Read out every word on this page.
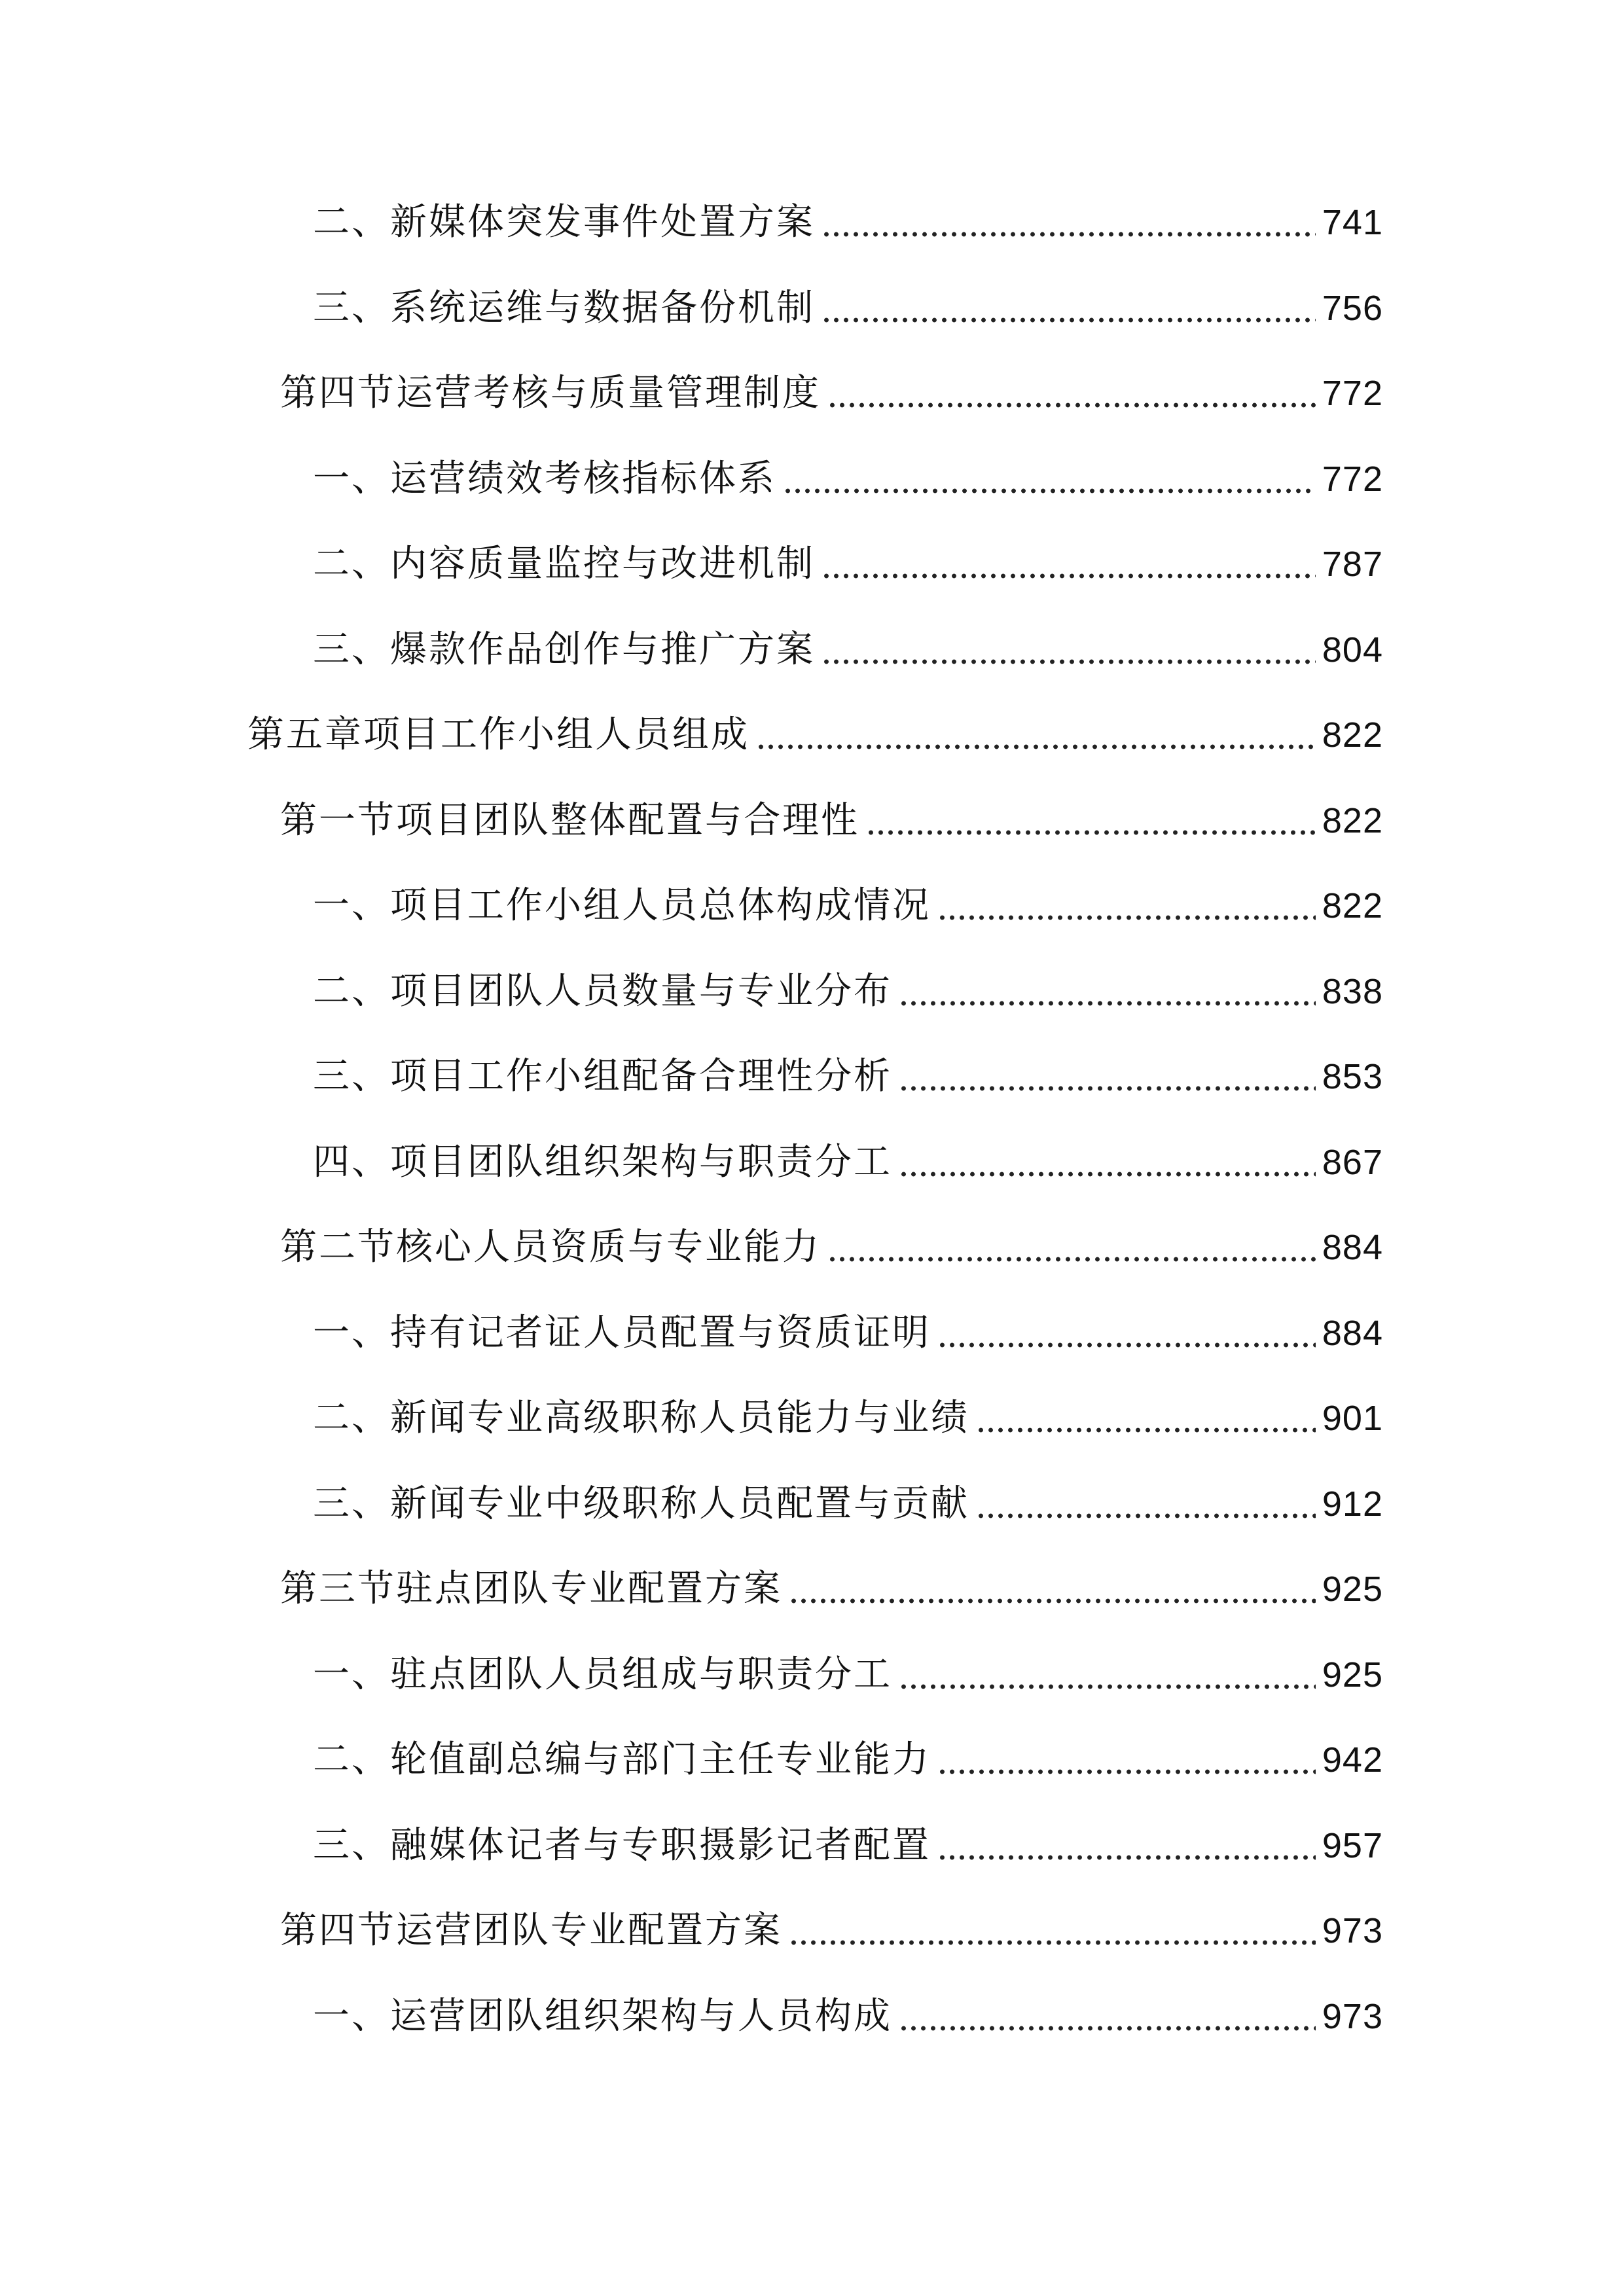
二、新媒体突发事件处置方案	741
三、系统运维与数据备份机制	756
第四节运营考核与质量管理制度	772
一、运营绩效考核指标体系	772
二、内容质量监控与改进机制	787
三、爆款作品创作与推广方案	804
第五章项目工作小组人员组成	822
第一节项目团队整体配置与合理性	822
一、项目工作小组人员总体构成情况	822
二、项目团队人员数量与专业分布	838
三、项目工作小组配备合理性分析	853
四、项目团队组织架构与职责分工	867
第二节核心人员资质与专业能力	884
一、持有记者证人员配置与资质证明	884
二、新闻专业高级职称人员能力与业绩	901
三、新闻专业中级职称人员配置与贡献	912
第三节驻点团队专业配置方案	925
一、驻点团队人员组成与职责分工	925
二、轮值副总编与部门主任专业能力	942
三、融媒体记者与专职摄影记者配置	957
第四节运营团队专业配置方案	973
一、运营团队组织架构与人员构成	973
